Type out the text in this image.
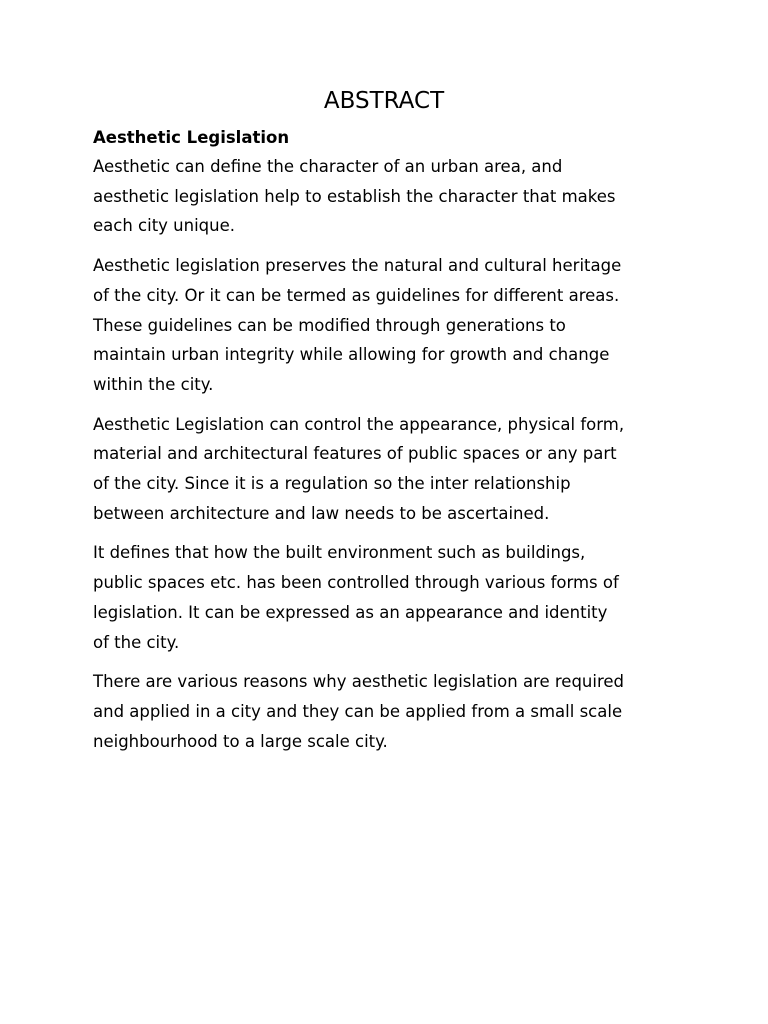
ABSTRACT

Aesthetic Legislation

Aesthetic can define the character of an urban area, and
aesthetic legislation help to establish the character that makes
each city unique.

Aesthetic legislation preserves the natural and cultural heritage
of the city. Or it can be termed as guidelines for different areas.
These guidelines can be modified through generations to
maintain urban integrity while allowing for growth and change
within the city.

Aesthetic Legislation can control the appearance, physical form,
material and architectural features of public spaces or any part
of the city. Since it is a regulation so the inter relationship
between architecture and law needs to be ascertained.

It defines that how the built environment such as buildings,
public spaces etc. has been controlled through various forms of
legislation. It can be expressed as an appearance and identity
of the city.

There are various reasons why aesthetic legislation are required
and applied in a city and they can be applied from a small scale
neighbourhood to a large scale city.
